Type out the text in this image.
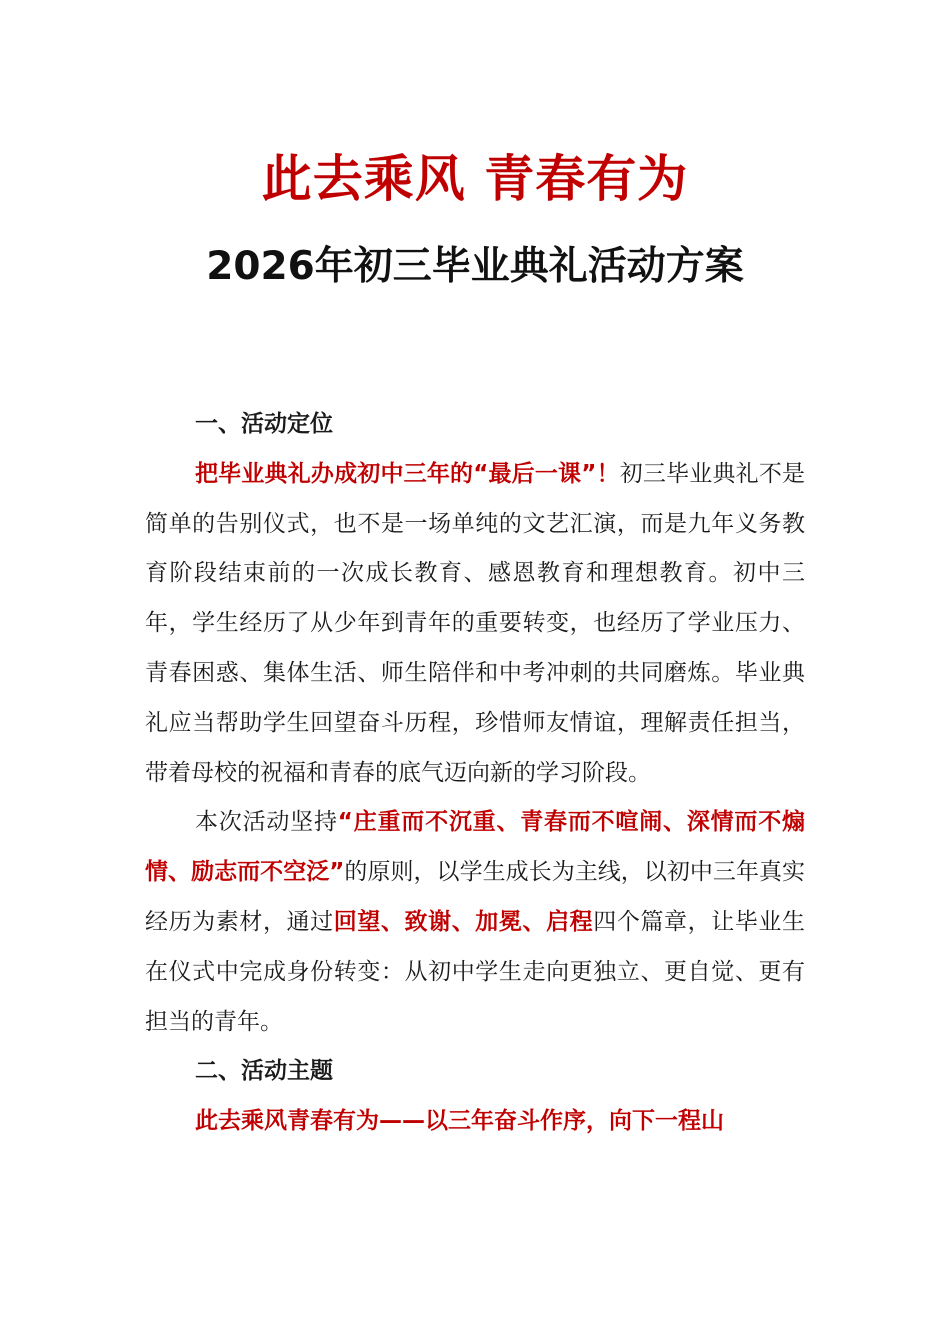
此去乘风 青春有为
2026年初三毕业典礼活动方案

一、活动定位

把毕业典礼办成初中三年的“最后一课”！初三毕业典礼不是简单的告别仪式，也不是一场单纯的文艺汇演，而是九年义务教育阶段结束前的一次成长教育、感恩教育和理想教育。初中三年，学生经历了从少年到青年的重要转变，也经历了学业压力、青春困惑、集体生活、师生陪伴和中考冲刺的共同磨炼。毕业典礼应当帮助学生回望奋斗历程，珍惜师友情谊，理解责任担当，带着母校的祝福和青春的底气迈向新的学习阶段。

本次活动坚持“庄重而不沉重、青春而不喧闹、深情而不煽情、励志而不空泛”的原则，以学生成长为主线，以初中三年真实经历为素材，通过回望、致谢、加冕、启程四个篇章，让毕业生在仪式中完成身份转变：从初中学生走向更独立、更自觉、更有担当的青年。

二、活动主题

此去乘风青春有为——以三年奋斗作序，向下一程山
